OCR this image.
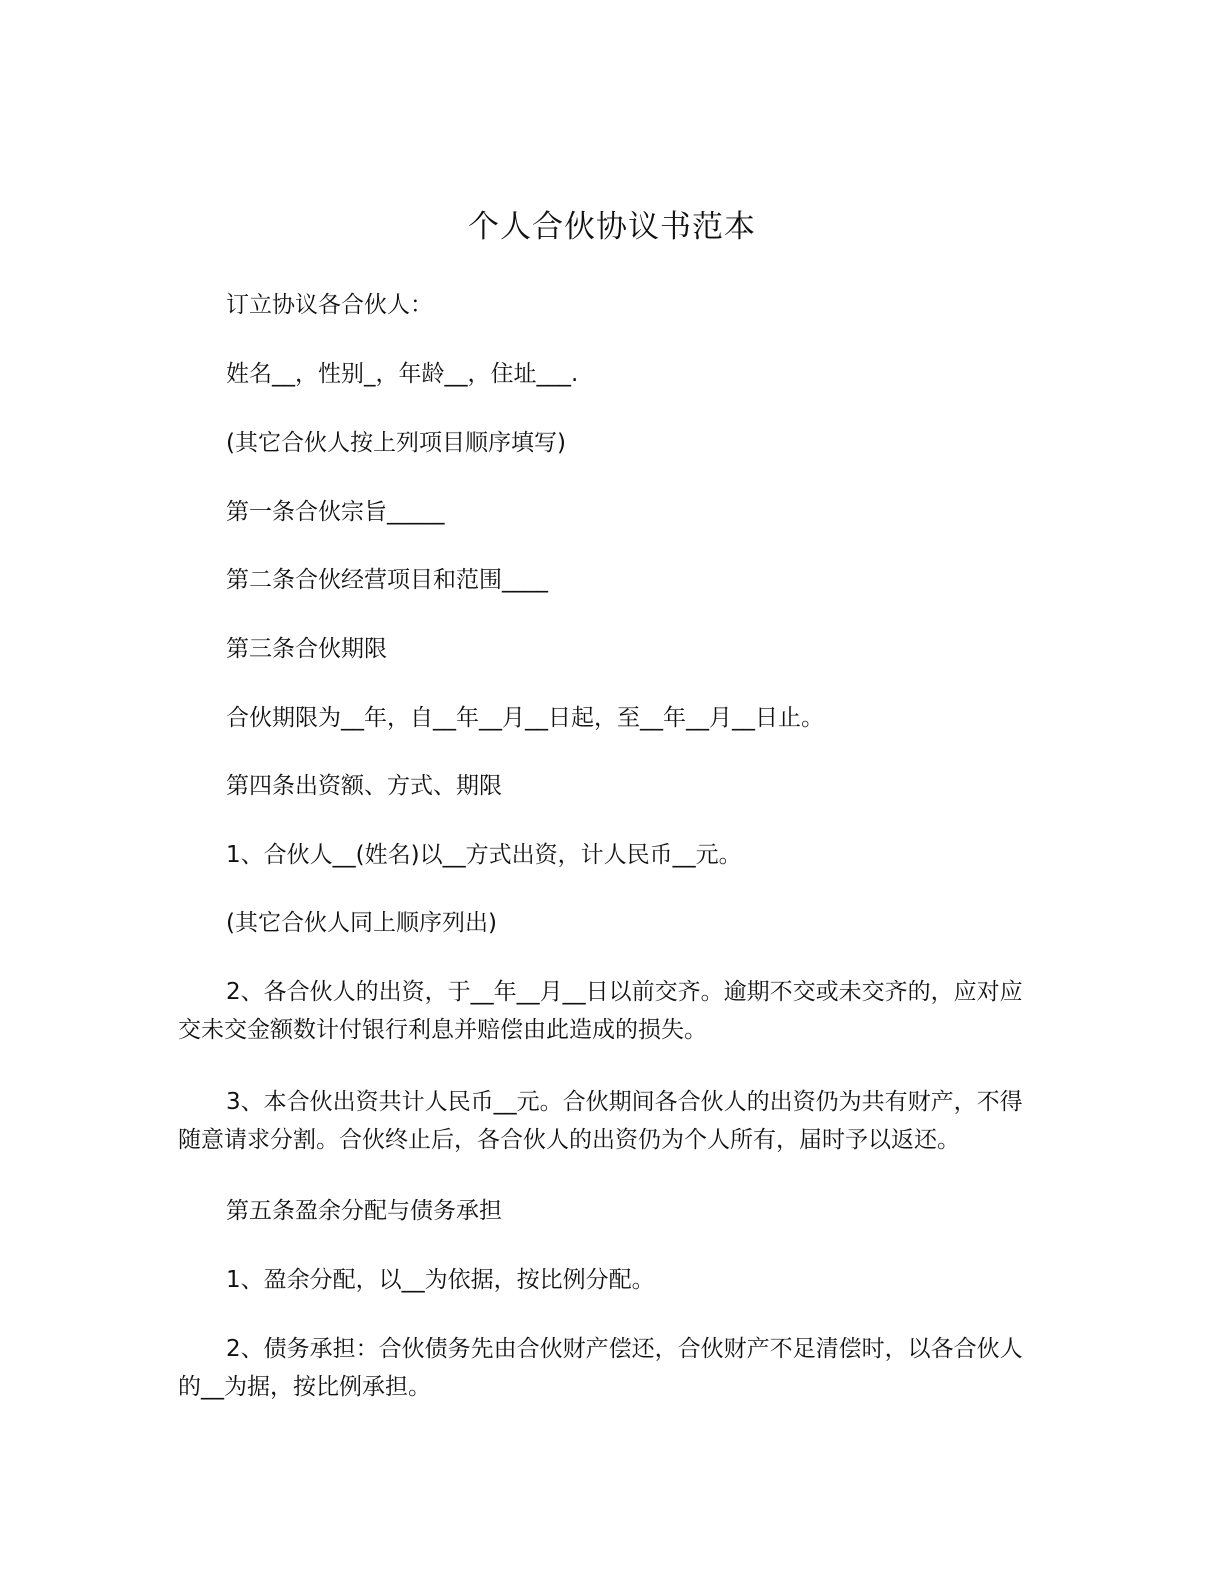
个人合伙协议书范本

订立协议各合伙人：

姓名__，性别_，年龄__，住址___.

(其它合伙人按上列项目顺序填写)

第一条合伙宗旨_____

第二条合伙经营项目和范围____

第三条合伙期限

合伙期限为__年，自__年__月__日起，至__年__月__日止。

第四条出资额、方式、期限

1、合伙人__(姓名)以__方式出资，计人民币__元。

(其它合伙人同上顺序列出)

2、各合伙人的出资，于__年__月__日以前交齐。逾期不交或未交齐的，应对应交未交金额数计付银行利息并赔偿由此造成的损失。

3、本合伙出资共计人民币__元。合伙期间各合伙人的出资仍为共有财产，不得随意请求分割。合伙终止后，各合伙人的出资仍为个人所有，届时予以返还。

第五条盈余分配与债务承担

1、盈余分配，以__为依据，按比例分配。

2、债务承担：合伙债务先由合伙财产偿还，合伙财产不足清偿时，以各合伙人的__为据，按比例承担。
